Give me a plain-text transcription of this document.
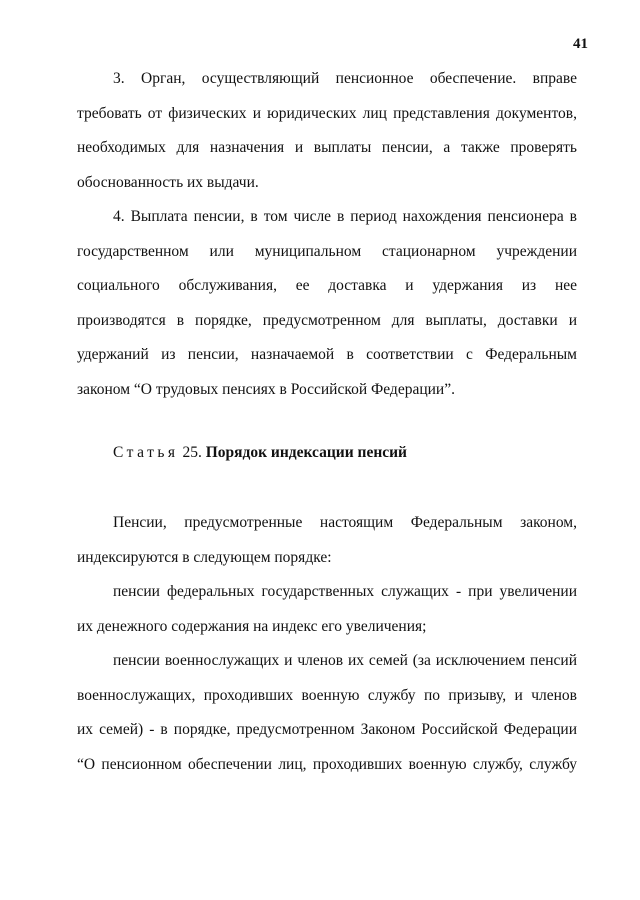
41
3. Орган, осуществляющий пенсионное обеспечение. вправе
требовать от физических и юридических лиц представления документов,
необходимых для назначения и выплаты пенсии, а также проверять
обоснованность их выдачи.
4. Выплата пенсии, в том числе в период нахождения пенсионера в
государственном или муниципальном стационарном учреждении
социального обслуживания, ее доставка и удержания из нее
производятся в порядке, предусмотренном для выплаты, доставки и
удержаний из пенсии, назначаемой в соответствии с Федеральным
законом “О трудовых пенсиях в Российской Федерации”.
Статья 25. Порядок индексации пенсий
Пенсии, предусмотренные настоящим Федеральным законом,
индексируются в следующем порядке:
пенсии федеральных государственных служащих - при увеличении
их денежного содержания на индекс его увеличения;
пенсии военнослужащих и членов их семей (за исключением пенсий
военнослужащих, проходивших военную службу по призыву, и членов
их семей) - в порядке, предусмотренном Законом Российской Федерации
“О пенсионном обеспечении лиц, проходивших военную службу, службу
